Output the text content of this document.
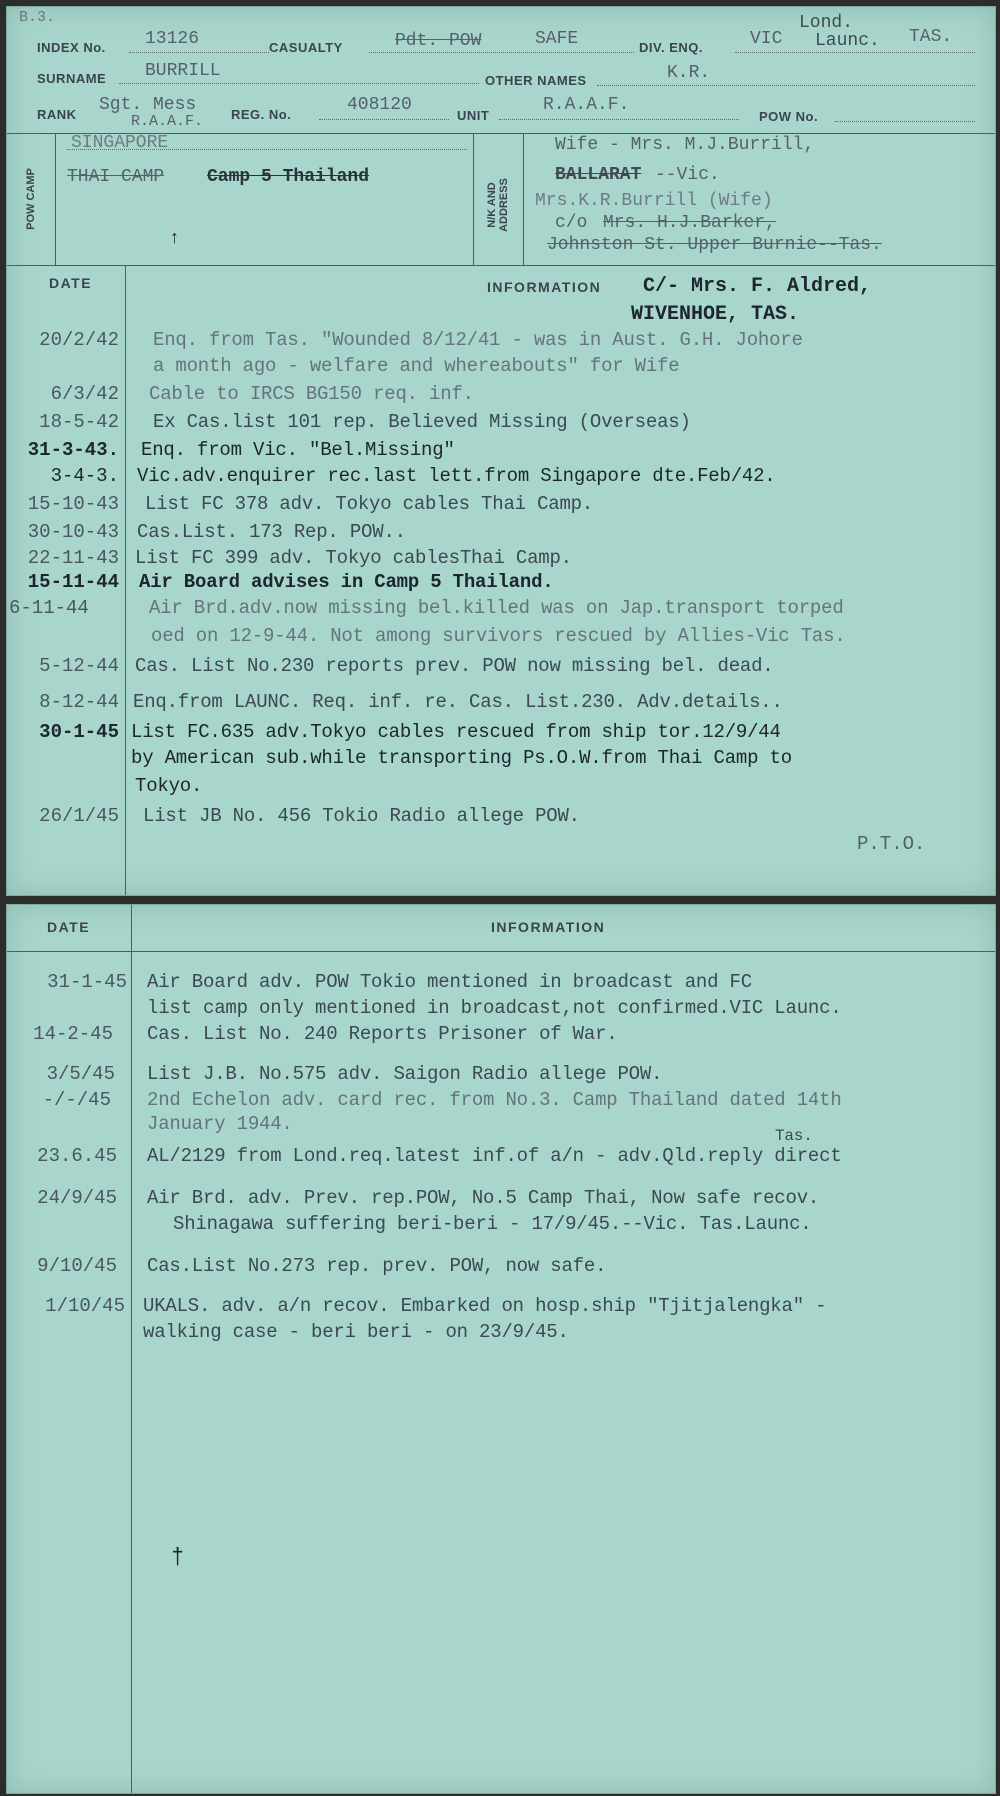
B.3.
INDEX No. 13126	CASUALTY	Pdt. POW	SAFE	DIV. ENQ.	VIC
Lond.
Launc. TAS.
SURNAME BURRILL	OTHER NAMES	K.R.
RANK Sgt. Mess
R.A.A.F. REG. No.	408120
UNIT
R.A.A.F.
POW No.
POW CAMP	N/K AND
ADDRESS
SINGAPORE
THAI CAMP Camp 5 Thailand
Wife - Mrs. M.J.Burrill,
BALLARAT --Vic.
Mrs.K.R.Burrill (Wife)
c/o Mrs. H.J.Barker,
Johnston St. Upper Burnie--Tas.
DATE	INFORMATION C/- Mrs. F. Aldred,
WIVENHOE, TAS.
20/2/42 Enq. from Tas. "Wounded 8/12/41 - was in Aust. G.H. Johore
a month ago - welfare and whereabouts" for Wife
6/3/42 Cable to IRCS BG150 req. inf.
18-5-42 Ex Cas.list 101 rep. Believed Missing (Overseas)
31-3-43. Enq. from Vic. "Bel.Missing"
3-4-3. Vic.adv.enquirer rec.last lett.from Singapore dte.Feb/42.
15-10-43 List FC 378 adv. Tokyo cables Thai Camp.
30-10-43 Cas.List. 173 Rep. POW..
22-11-43 List FC 399 adv. Tokyo cablesThai Camp.
15-11-44 Air Board advises in Camp 5 Thailand.
6-11-44	Air Brd.adv.now missing bel.killed was on Jap.transport torped
oed on 12-9-44. Not among survivors rescued by Allies-Vic Tas.
5-12-44 Cas. List No.230 reports prev. POW now missing bel. dead.
8-12-44 Enq.from LAUNC. Req. inf. re. Cas. List.230. Adv.details..
30-1-45 List FC.635 adv.Tokyo cables rescued from ship tor.12/9/44
by American sub.while transporting Ps.O.W.from Thai Camp to
Tokyo.
26/1/45 List JB No. 456 Tokio Radio allege POW.
P.T.O.
↑
DATE	INFORMATION
31-1-45 Air Board adv. POW Tokio mentioned in broadcast and FC
list camp only mentioned in broadcast,not confirmed.VIC Launc.
14-2-45 Cas. List No. 240 Reports Prisoner of War.
3/5/45 List J.B. No.575 adv. Saigon Radio allege POW.
-/-/45 2nd Echelon adv. card rec. from No.3. Camp Thailand dated 14th
January 1944.
Tas.
23.6.45 AL/2129 from Lond.req.latest inf.of a/n - adv.Qld.reply direct
24/9/45 Air Brd. adv. Prev. rep.POW, No.5 Camp Thai, Now safe recov.
Shinagawa suffering beri-beri - 17/9/45.--Vic. Tas.Launc.
9/10/45 Cas.List No.273 rep. prev. POW, now safe.
1/10/45 UKALS. adv. a/n recov. Embarked on hosp.ship "Tjitjalengka" -
walking case - beri beri - on 23/9/45.
†
